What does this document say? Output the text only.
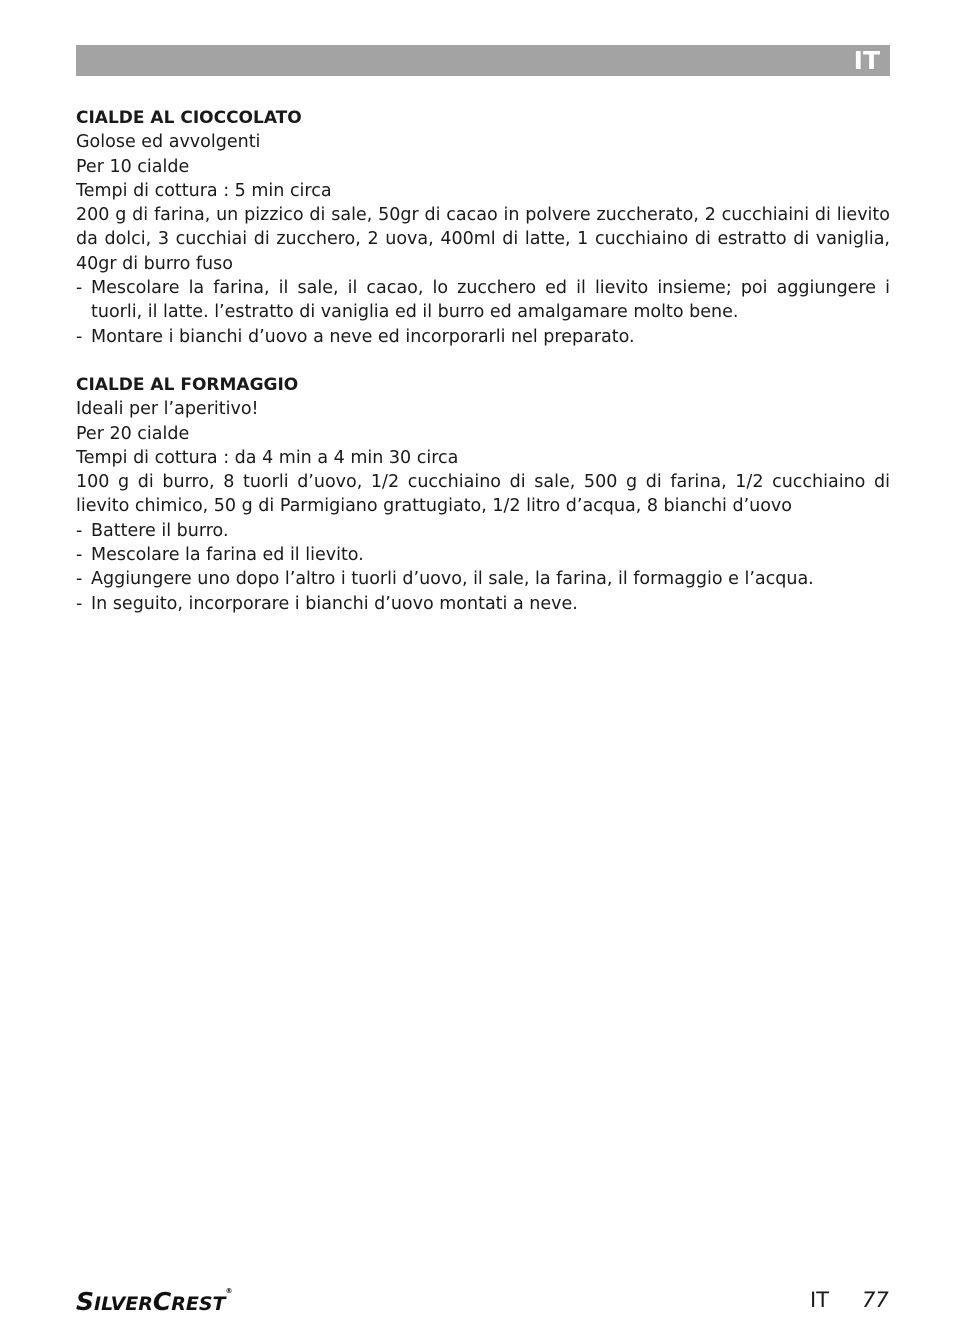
IT
CIALDE AL CIOCCOLATO
Golose ed avvolgenti
Per 10 cialde
Tempi di cottura : 5 min circa
200 g di farina, un pizzico di sale, 50gr di cacao in polvere zuccherato, 2 cucchiaini di lievito da dolci, 3 cucchiai di zucchero, 2 uova, 400ml di latte, 1 cucchiaino di estratto di vaniglia, 40gr di burro fuso
- Mescolare la farina, il sale, il cacao, lo zucchero ed il lievito insieme; poi aggiungere i tuorli, il latte. l’estratto di vaniglia ed il burro ed amalgamare molto bene.
- Montare i bianchi d’uovo a neve ed incorporarli nel preparato.
CIALDE AL FORMAGGIO
Ideali per l’aperitivo!
Per 20 cialde
Tempi di cottura : da 4 min a 4 min 30 circa
100 g di burro, 8 tuorli d’uovo, 1/2 cucchiaino di sale, 500 g di farina, 1/2 cucchiaino di lievito chimico, 50 g di Parmigiano grattugiato, 1/2 litro d’acqua, 8 bianchi d’uovo
- Battere il burro.
- Mescolare la farina ed il lievito.
- Aggiungere uno dopo l’altro i tuorli d’uovo, il sale, la farina, il formaggio e l’acqua.
- In seguito, incorporare i bianchi d’uovo montati a neve.
SILVERCREST®	IT 77
